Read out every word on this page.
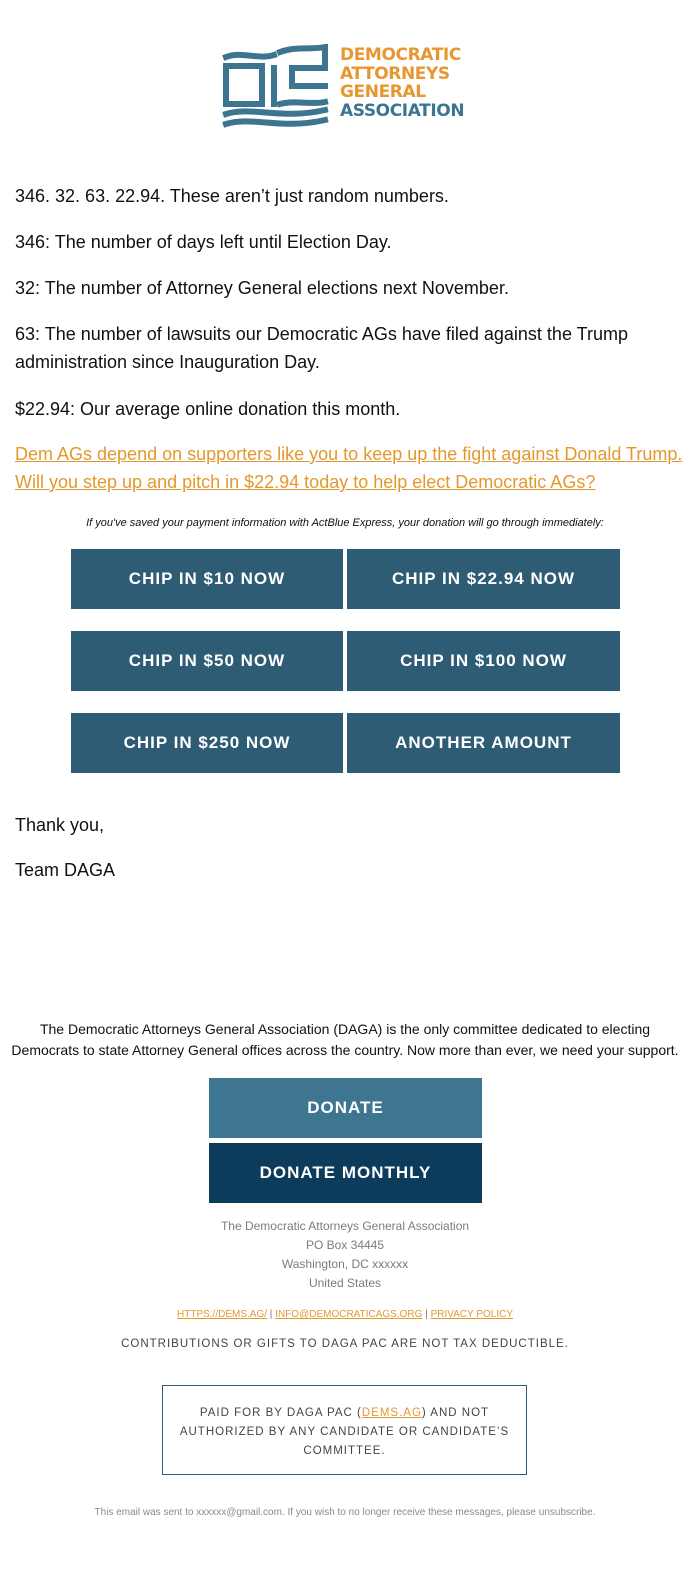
DEMOCRATIC
ATTORNEYS
GENERAL
ASSOCIATION

346. 32. 63. 22.94. These aren’t just random numbers.

346: The number of days left until Election Day.

32: The number of Attorney General elections next November.

63: The number of lawsuits our Democratic AGs have filed against the Trump administration since Inauguration Day.

$22.94: Our average online donation this month.

Dem AGs depend on supporters like you to keep up the fight against Donald Trump. Will you step up and pitch in $22.94 today to help elect Democratic AGs?

If you've saved your payment information with ActBlue Express, your donation will go through immediately:
CHIP IN $10 NOW	CHIP IN $22.94 NOW
CHIP IN $50 NOW	CHIP IN $100 NOW
CHIP IN $250 NOW	ANOTHER AMOUNT

Thank you,

Team DAGA

The Democratic Attorneys General Association (DAGA) is the only committee dedicated to electing Democrats to state Attorney General offices across the country. Now more than ever, we need your support.
DONATE
DONATE MONTHLY
The Democratic Attorneys General Association
PO Box 34445
Washington, DC xxxxxx
United States
HTTPS://DEMS.AG/ | INFO@DEMOCRATICAGS.ORG | PRIVACY POLICY
CONTRIBUTIONS OR GIFTS TO DAGA PAC ARE NOT TAX DEDUCTIBLE.
PAID FOR BY DAGA PAC (DEMS.AG) AND NOT AUTHORIZED BY ANY CANDIDATE OR CANDIDATE’S COMMITTEE.
This email was sent to xxxxxx@gmail.com. If you wish to no longer receive these messages, please unsubscribe.
